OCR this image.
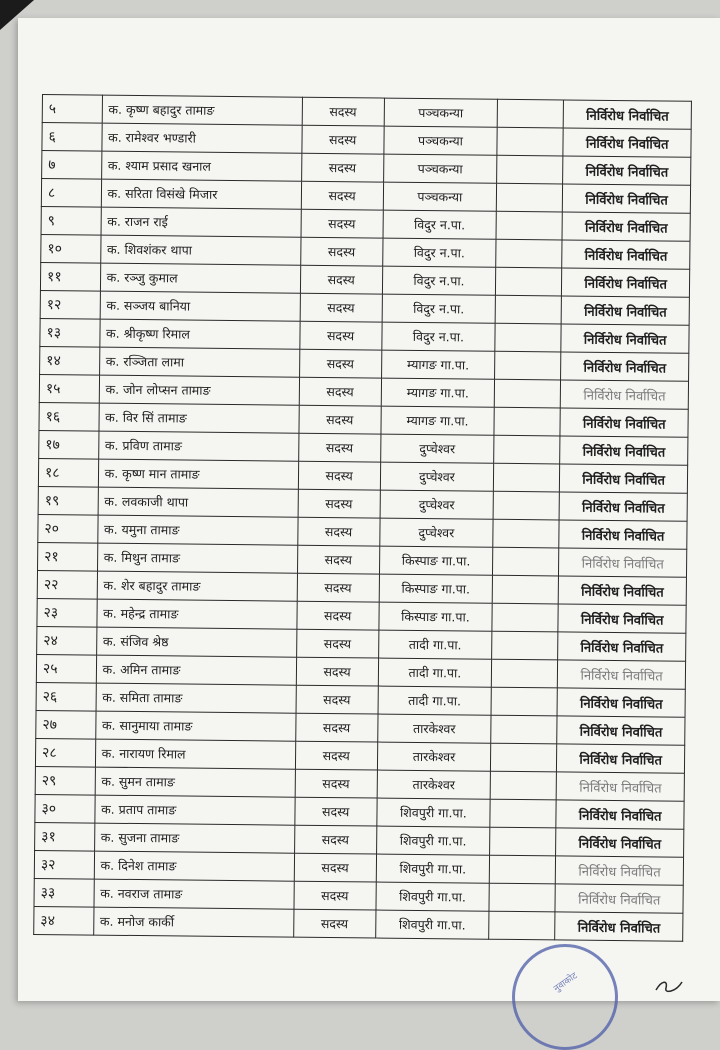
५	क. कृष्ण बहादुर तामाङ	सदस्य	पञ्चकन्या		निर्विरोध निर्वाचित
६	क. रामेश्वर भण्डारी	सदस्य	पञ्चकन्या		निर्विरोध निर्वाचित
७	क. श्याम प्रसाद खनाल	सदस्य	पञ्चकन्या		निर्विरोध निर्वाचित
८	क. सरिता विसंखे मिजार	सदस्य	पञ्चकन्या		निर्विरोध निर्वाचित
९	क. राजन राई	सदस्य	विदुर न.पा.		निर्विरोध निर्वाचित
१०	क. शिवशंकर थापा	सदस्य	विदुर न.पा.		निर्विरोध निर्वाचित
११	क. रञ्जु कुमाल	सदस्य	विदुर न.पा.		निर्विरोध निर्वाचित
१२	क. सञ्जय बानिया	सदस्य	विदुर न.पा.		निर्विरोध निर्वाचित
१३	क. श्रीकृष्ण रिमाल	सदस्य	विदुर न.पा.		निर्विरोध निर्वाचित
१४	क. रञ्जिता लामा	सदस्य	म्यागङ गा.पा.		निर्विरोध निर्वाचित
१५	क. जोन लोप्सन तामाङ	सदस्य	म्यागङ गा.पा.		निर्विरोध निर्वाचित
१६	क. विर सिं तामाङ	सदस्य	म्यागङ गा.पा.		निर्विरोध निर्वाचित
१७	क. प्रविण तामाङ	सदस्य	दुप्चेश्वर		निर्विरोध निर्वाचित
१८	क. कृष्ण मान तामाङ	सदस्य	दुप्चेश्वर		निर्विरोध निर्वाचित
१९	क. लवकाजी थापा	सदस्य	दुप्चेश्वर		निर्विरोध निर्वाचित
२०	क. यमुना तामाङ	सदस्य	दुप्चेश्वर		निर्विरोध निर्वाचित
२१	क. मिथुन तामाङ	सदस्य	किस्पाङ गा.पा.		निर्विरोध निर्वाचित
२२	क. शेर बहादुर तामाङ	सदस्य	किस्पाङ गा.पा.		निर्विरोध निर्वाचित
२३	क. महेन्द्र तामाङ	सदस्य	किस्पाङ गा.पा.		निर्विरोध निर्वाचित
२४	क. संजिव श्रेष्ठ	सदस्य	तादी गा.पा.		निर्विरोध निर्वाचित
२५	क. अमिन तामाङ	सदस्य	तादी गा.पा.		निर्विरोध निर्वाचित
२६	क. समिता तामाङ	सदस्य	तादी गा.पा.		निर्विरोध निर्वाचित
२७	क. सानुमाया तामाङ	सदस्य	तारकेश्वर		निर्विरोध निर्वाचित
२८	क. नारायण रिमाल	सदस्य	तारकेश्वर		निर्विरोध निर्वाचित
२९	क. सुमन तामाङ	सदस्य	तारकेश्वर		निर्विरोध निर्वाचित
३०	क. प्रताप तामाङ	सदस्य	शिवपुरी गा.पा.		निर्विरोध निर्वाचित
३१	क. सुजना तामाङ	सदस्य	शिवपुरी गा.पा.		निर्विरोध निर्वाचित
३२	क. दिनेश तामाङ	सदस्य	शिवपुरी गा.पा.		निर्विरोध निर्वाचित
३३	क. नवराज तामाङ	सदस्य	शिवपुरी गा.पा.		निर्विरोध निर्वाचित
३४	क. मनोज कार्की	सदस्य	शिवपुरी गा.पा.		निर्विरोध निर्वाचित
नुवाकोट
